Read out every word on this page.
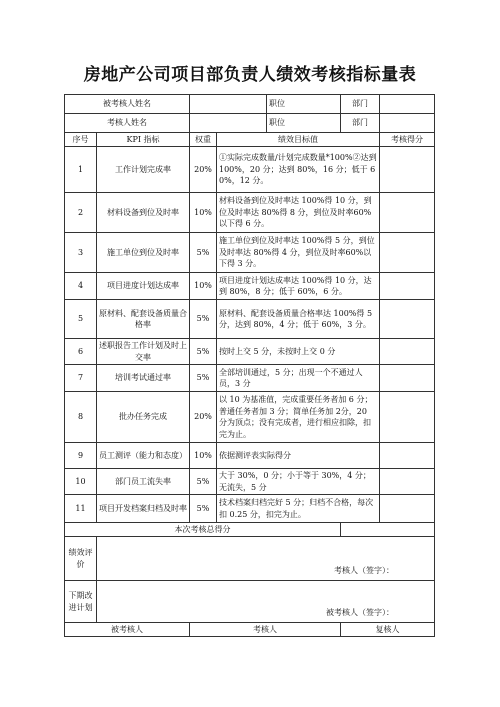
房地产公司项目部负责人绩效考核指标量表
被考核人姓名				职位	部门	
考核人姓名				职位	部门	
序号	KPI 指标	权重	绩效目标值			考核得分
1	工作计划完成率	20%	①实际完成数量/计划完成数量*100%②达到 100%，20 分；达到 80%，16 分；低于 60%，12 分。			
2	材料设备到位及时率	10%	材料设备到位及时率达 100%得 10 分，到位及时率达 80%得 8 分，到位及时率60%以下得 6 分。			
3	施工单位到位及时率	5%	施工单位到位及时率达 100%得 5 分，到位及时率达 80%得 4 分，到位及时率60%以下得 3 分。			
4	项目进度计划达成率	10%	项目进度计划达成率达 100%得 10 分，达到 80%，8 分；低于 60%，6 分。			
5	原材料、配套设备质量合格率	5%	原材料、配套设备质量合格率达 100%得 5 分，达到 80%，4 分；低于 60%，3 分。			
6	述职报告工作计划及时上交率	5%	按时上交 5 分，未按时上交 0 分			
7	培训考试通过率	5%	全部培训通过，5 分；出现一个不通过人员，3 分			
8	批办任务完成	20%	以 10 为基准值，完成重要任务者加 6 分；普通任务者加 3 分；简单任务加 2分，20 分为顶点；没有完成者，进行相应扣除，扣完为止。			
9	员工测评（能力和态度）	10%	依据测评表实际得分			
10	部门员工流失率	5%	大于 30%，0 分；小于等于 30%，4 分；无流失，5 分			
11	项目开发档案归档及时率	5%	技术档案归档完好 5 分；归档不合格，每次扣 0.25 分，扣完为止。			
本次考核总得分						
绩效评价	考核人（签字）：					
下期改进计划	被考核人（签字）：					
被考核人		考核人			复核人	
